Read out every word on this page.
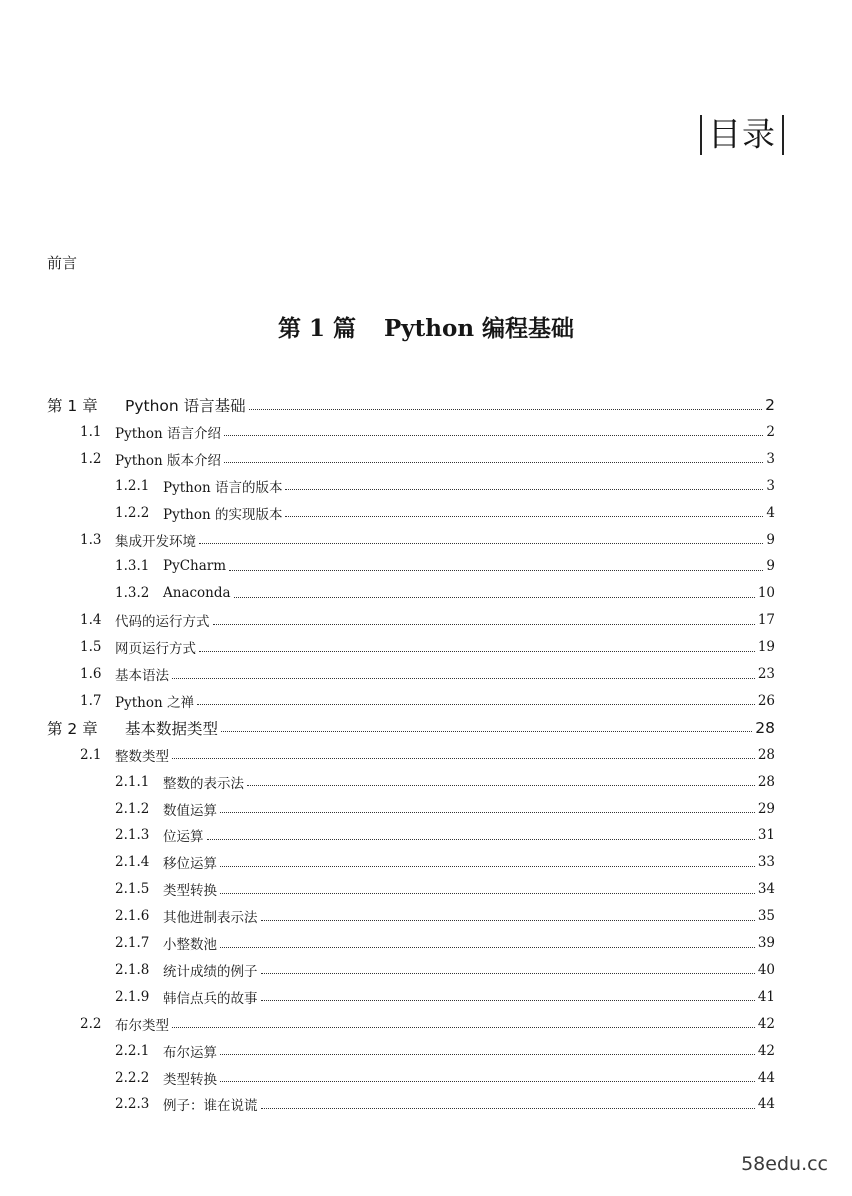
目录
前言
第 1 篇 Python 编程基础
第 1 章	Python 语言基础	2
1.1	Python 语言介绍	2
1.2	Python 版本介绍	3
1.2.1	Python 语言的版本	3
1.2.2	Python 的实现版本	4
1.3	集成开发环境	9
1.3.1	PyCharm	9
1.3.2	Anaconda	10
1.4	代码的运行方式	17
1.5	网页运行方式	19
1.6	基本语法	23
1.7	Python 之禅	26
第 2 章	基本数据类型	28
2.1	整数类型	28
2.1.1	整数的表示法	28
2.1.2	数值运算	29
2.1.3	位运算	31
2.1.4	移位运算	33
2.1.5	类型转换	34
2.1.6	其他进制表示法	35
2.1.7	小整数池	39
2.1.8	统计成绩的例子	40
2.1.9	韩信点兵的故事	41
2.2	布尔类型	42
2.2.1	布尔运算	42
2.2.2	类型转换	44
2.2.3	例子：谁在说谎	44
58edu.cc
